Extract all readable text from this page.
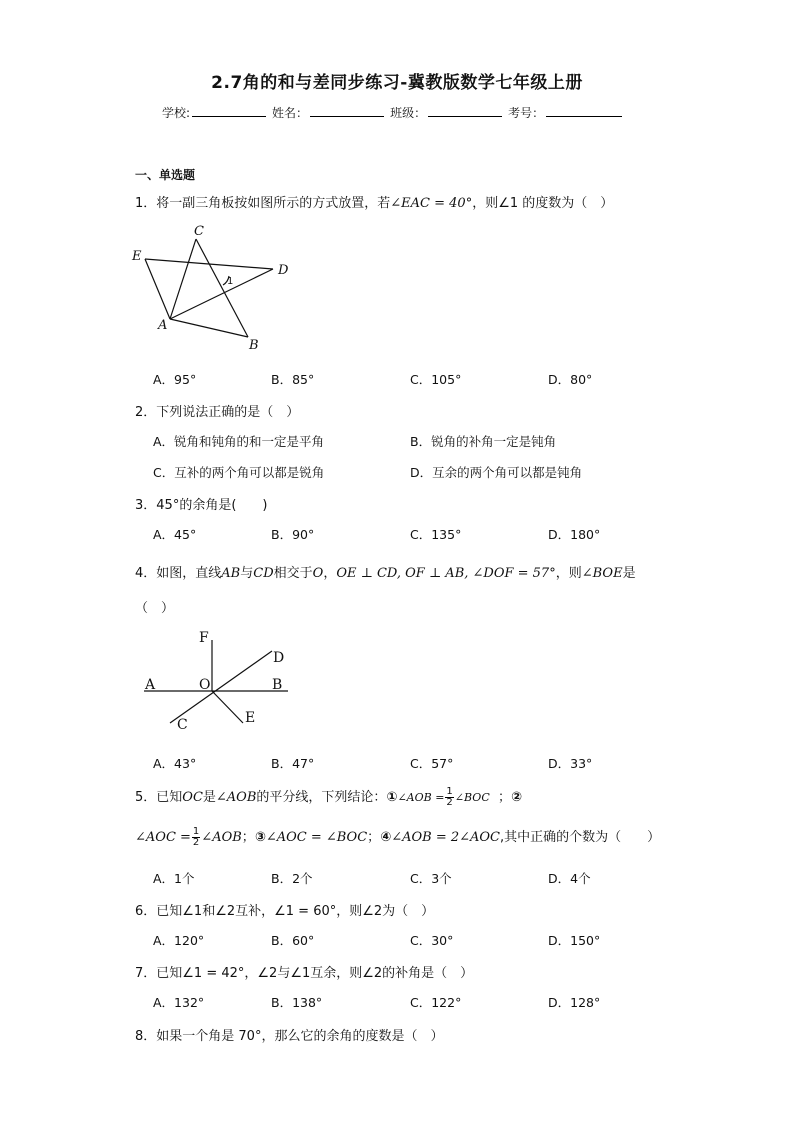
2.7角的和与差同步练习-冀教版数学七年级上册
学校:	姓名：	班级：	考号：
一、单选题
1．将一副三角板按如图所示的方式放置，若∠EAC = 40°，则∠1 的度数为（　）
E
C
D
A
B
1
A．95°	B．85°	C．105°	D．80°
2．下列说法正确的是（　）
A．锐角和钝角的和一定是平角	B．锐角的补角一定是钝角
C．互补的两个角可以都是锐角	D．互余的两个角可以都是钝角
3．45°的余角是(　　)
A．45°	B．90°	C．135°	D．180°
4．如图，直线AB与CD相交于O，OE ⊥ CD, OF ⊥ AB, ∠DOF = 57°，则∠BOE是
（　）
F
D
A	O	B
C	E
A．43°	B．47°	C．57°	D．33°
5．已知OC是∠AOB的平分线，下列结论：①∠AOB = $\frac{1}{2}$ ∠BOC ；②
∠AOC = $\frac{1}{2}$ ∠AOB；③∠AOC = ∠BOC；④∠AOB = 2∠AOC,其中正确的个数为（　　）
A．1个	B．2个	C．3个	D．4个
6．已知∠1和∠2互补，∠1 = 60°，则∠2为（　）
A．120°	B．60°	C．30°	D．150°
7．已知∠1 = 42°，∠2与∠1互余，则∠2的补角是（　）
A．132°	B．138°	C．122°	D．128°
8．如果一个角是 70°，那么它的余角的度数是（　）
